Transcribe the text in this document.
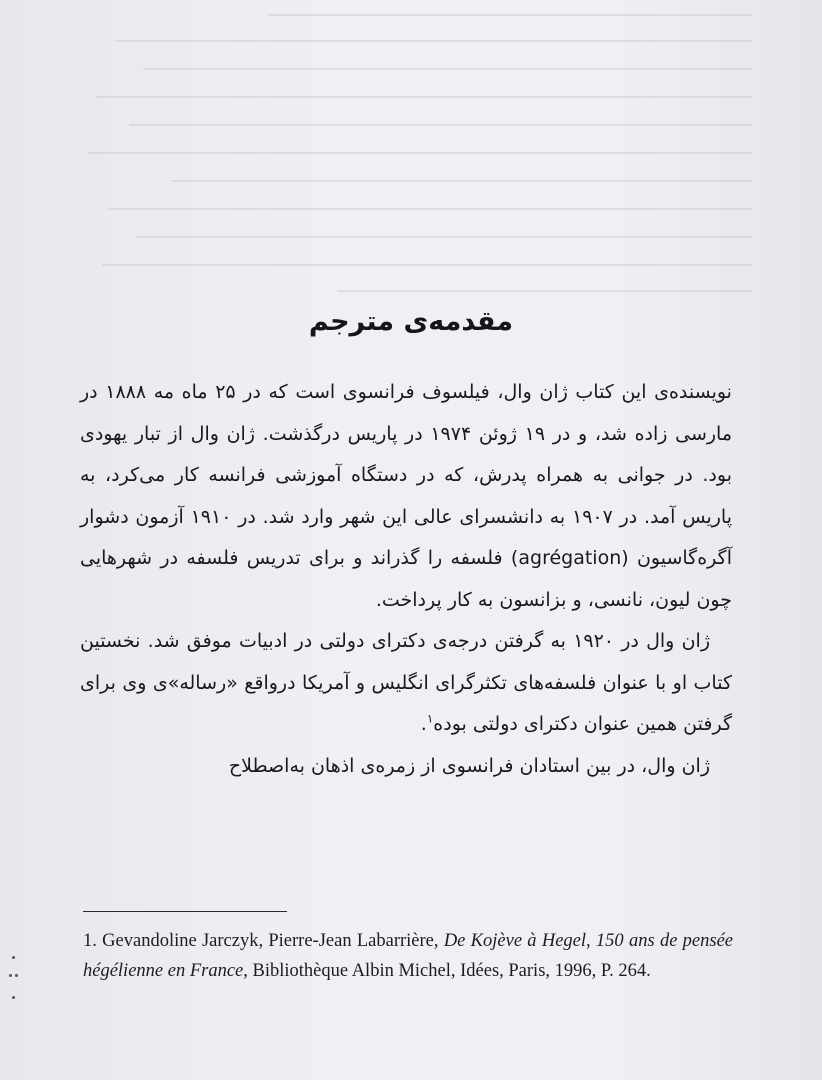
مقدمه‌ی مترجم

نویسنده‌ی این کتاب ژان وال، فیلسوف فرانسوی است که در ۲۵ ماه مه ۱۸۸۸ در مارسی زاده شد، و در ۱۹ ژوئن ۱۹۷۴ در پاریس درگذشت. ژان وال از تبار یهودی بود. در جوانی به همراه پدرش، که در دستگاه آموزشی فرانسه کار می‌کرد، به پاریس آمد. در ۱۹۰۷ به دانشسرای عالی این شهر وارد شد. در ۱۹۱۰ آزمون دشوار آگره‌گاسیون (agrégation) فلسفه را گذراند و برای تدریس فلسفه در شهرهایی چون لیون، نانسی، و بزانسون به کار پرداخت.

ژان وال در ۱۹۲۰ به گرفتن درجه‌ی دکترای دولتی در ادبیات موفق شد. نخستین کتاب او با عنوان فلسفه‌های تکثرگرای انگلیس و آمریکا درواقع «رساله»ی وی برای گرفتن همین عنوان دکترای دولتی بوده$^۱$.

ژان وال، در بین استادان فرانسوی از زمره‌ی اذهان به‌اصطلاح

1. Gevandoline Jarczyk, Pierre-Jean Labarrière, De Kojève à Hegel, 150 ans de pensée hégélienne en France, Bibliothèque Albin Michel, Idées, Paris, 1996, P. 264.
